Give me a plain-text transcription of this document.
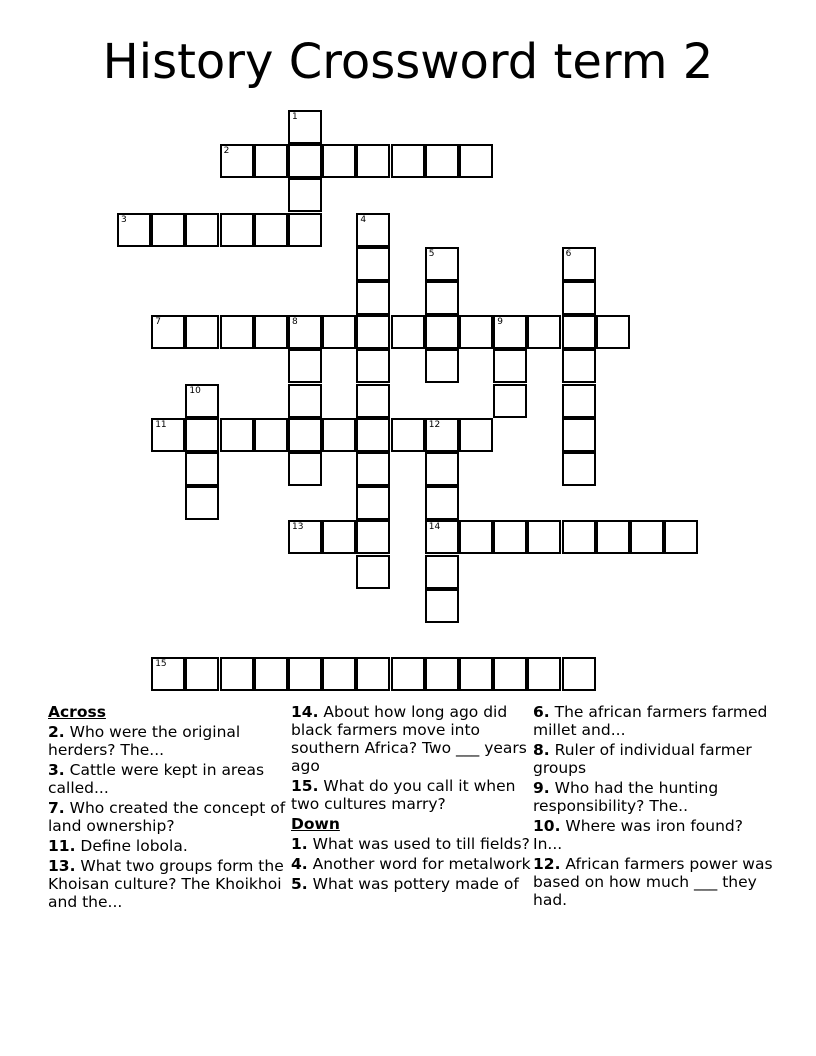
History Crossword term 2
1
2
3	4
5	6
7	8	9
10
11	12
14
13
15
Across
2. Who were the original herders? The...
3. Cattle were kept in areas called...
7. Who created the concept of land ownership?
11. Define lobola.
13. What two groups form the Khoisan culture? The Khoikhoi and the...
14. About how long ago did black farmers move into southern Africa? Two ___ years ago
15. What do you call it when two cultures marry?
Down
1. What was used to till fields?
4. Another word for metalwork
5. What was pottery made of
6. The african farmers farmed millet and...
8. Ruler of individual farmer groups
9. Who had the hunting responsibility? The..
10. Where was iron found? In...
12. African farmers power was based on how much ___ they had.
